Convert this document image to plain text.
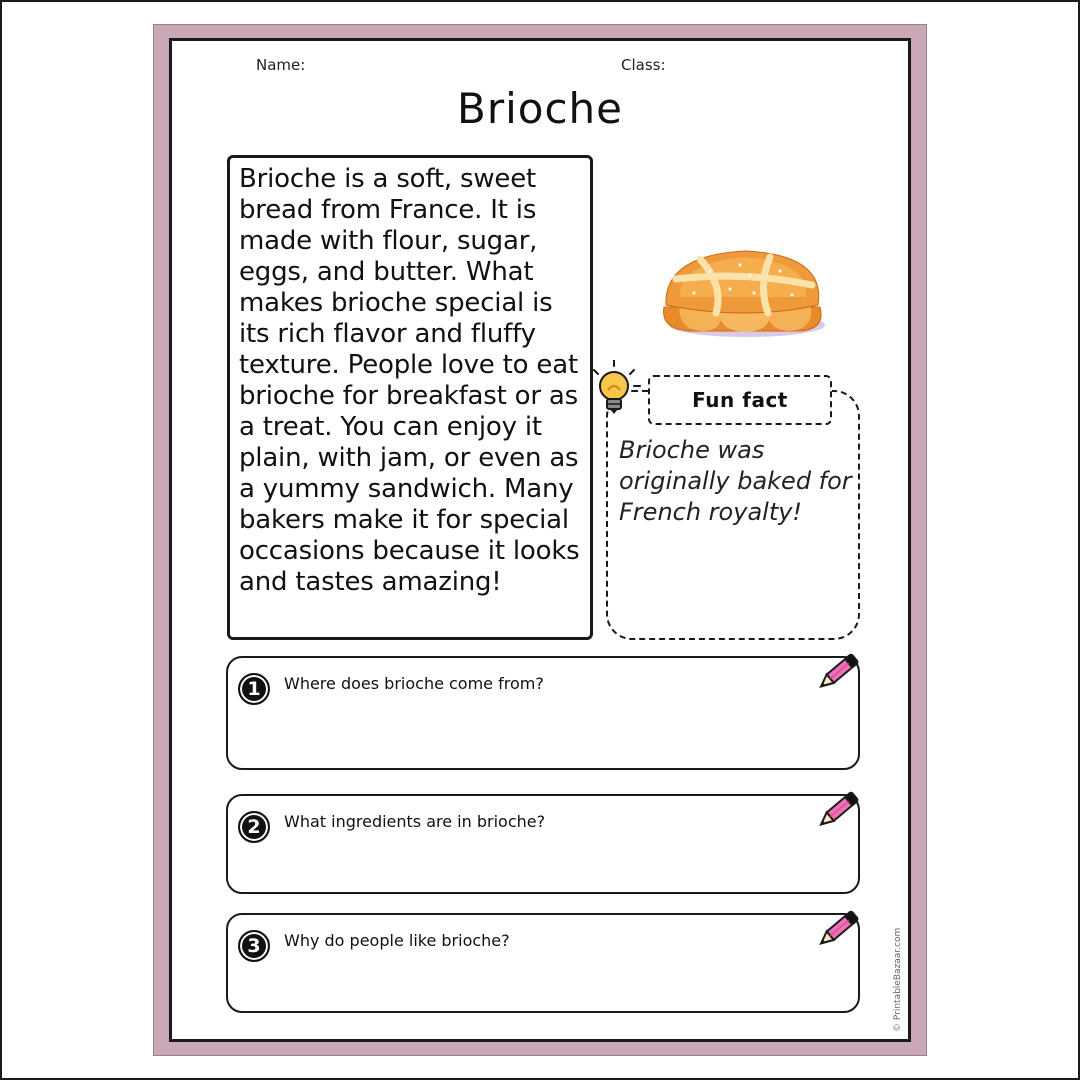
Name:	Class:
Brioche

Brioche is a soft, sweet bread from France. It is made with flour, sugar, eggs, and butter. What makes brioche special is its rich flavor and fluffy texture. People love to eat brioche for breakfast or as a treat. You can enjoy it plain, with jam, or even as a yummy sandwich. Many bakers make it for special occasions because it looks and tastes amazing!

Fun fact

Brioche was originally baked for French royalty!

1	Where does brioche come from?
2	What ingredients are in brioche?
3	Why do people like brioche?	© PrintableBazaar.com
